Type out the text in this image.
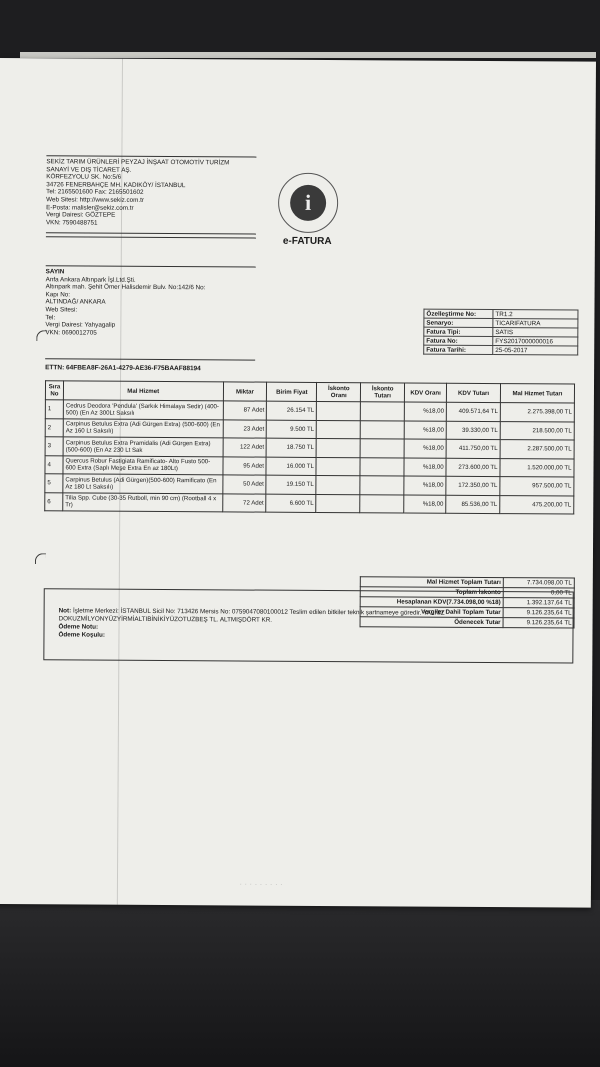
SEKİZ TARIM ÜRÜNLERİ PEYZAJ İNŞAAT OTOMOTİV TURİZM
SANAYİ VE DIŞ TİCARET AŞ.
KÖRFEZYOLU SK. No:5/6
34726 FENERBAHÇE MH. KADIKÖY/ İSTANBUL
Tel: 2165501600 Fax: 2165501602
Web Sitesi: http://www.sekiz.com.tr
E-Posta: malisler@sekiz.com.tr
Vergi Dairesi: GÖZTEPE
VKN: 7590488751
i
e-FATURA
SAYIN
Anfa Ankara Altınpark İşl.Ltd.Şti.
Altınpark mah. Şehit Ömer Halisdemir Bulv. No:142/6 No:
Kapı No:
ALTINDAĞ/ ANKARA
Web Sitesi:
Tel:
Vergi Dairesi: Yahyagalip
VKN: 0690012705
Özelleştirme No:	TR1.2
Senaryo:	TICARIFATURA
Fatura Tipi:	SATIS
Fatura No:	FYS2017000000016
Fatura Tarihi:	25-05-2017
ETTN: 64FBEA8F-26A1-4279-AE36-F75BAAF88194
Sıra No	Mal Hizmet	Miktar	Birim Fiyat	İskonto Oranı	İskonto Tutarı	KDV Oranı	KDV Tutarı	Mal Hizmet Tutarı
1	Cedrus Deodora 'Pendula' (Sarkık Himalaya Sedir) (400-500) (En Az 300Lt Saksılı	87 Adet	26.154 TL			%18,00	409.571,64 TL	2.275.398,00 TL
2	Carpinus Betulus Extra (Adi Gürgen Extra) (500-600) (En Az 160 Lt Saksılı)	23 Adet	9.500 TL			%18,00	39.330,00 TL	218.500,00 TL
3	Carpinus Betulus Extra Pramidalis (Adi Gürgen Extra) (500-600) (En Az 230 Lt Sak	122 Adet	18.750 TL			%18,00	411.750,00 TL	2.287.500,00 TL
4	Quercus Robur Fastigiata Ramificato- Alto Fusto 500-600 Extra (Saplı Meşe Extra En az 180Lt)	95 Adet	16.000 TL			%18,00	273.600,00 TL	1.520.000,00 TL
5	Carpinus Betulus (Adi Gürgen)(500-600) Ramificato (En Az 180 Lt Saksılı)	50 Adet	19.150 TL			%18,00	172.350,00 TL	957.500,00 TL
6	Tilia Spp. Cube (30-35 Rutboll, min 90 cm) (Rootball 4 x Tr)	72 Adet	6.600 TL			%18,00	85.536,00 TL	475.200,00 TL
Mal Hizmet Toplam Tutarı	7.734.098,00 TL
Toplam İskonto	0,00 TL
Hesaplanan KDV(7.734.098,00 %18)	1.392.137,64 TL
Vergiler Dahil Toplam Tutar	9.126.235,64 TL
Ödenecek Tutar	9.126.235,64 TL
Not: İşletme Merkezi: İSTANBUL Sicil No: 713426 Mersis No: 0759047080100012 Teslim edilen bitkiler teknik şartnameye göredir. YALNIZ DOKUZMİLYONYÜZYİRMİALTIBİNİKİYÜZOTUZBEŞ TL. ALTMIŞDÖRT KR.
Ödeme Notu:
Ödeme Koşulu:
· · · · · · · · ·
